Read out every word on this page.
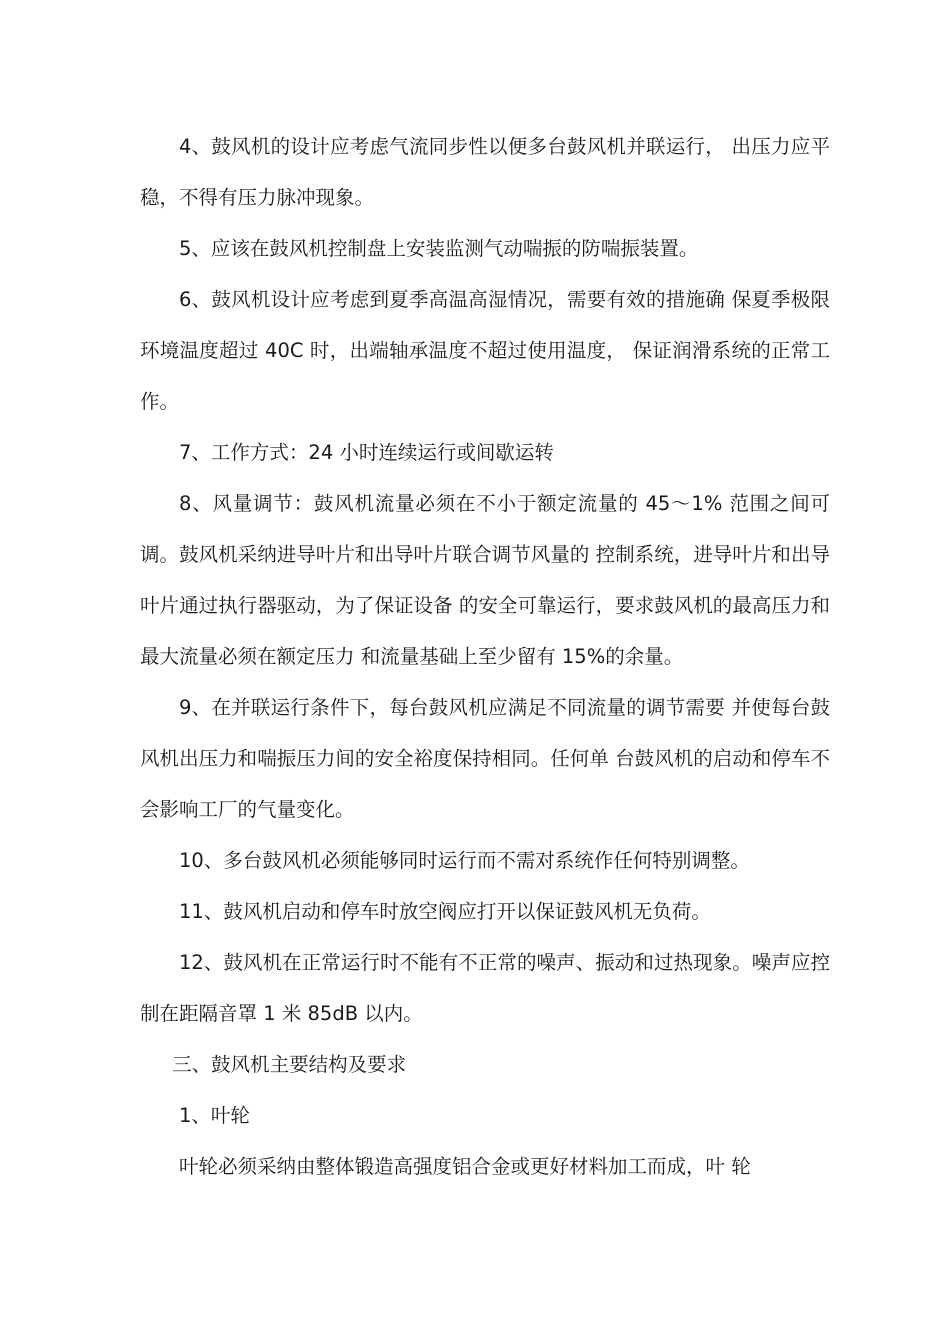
4、鼓风机的设计应考虑气流同步性以便多台鼓风机并联运行， 出压力应平稳，不得有压力脉冲现象。

5、应该在鼓风机控制盘上安装监测气动喘振的防喘振装置。

6、鼓风机设计应考虑到夏季高温高湿情况，需要有效的措施确 保夏季极限环境温度超过 40C 时，出端轴承温度不超过使用温度， 保证润滑系统的正常工作。

7、工作方式：24 小时连续运行或间歇运转

8、风量调节：鼓风机流量必须在不小于额定流量的 45〜1% 范围之间可调。鼓风机采纳进导叶片和出导叶片联合调节风量的 控制系统，进导叶片和出导叶片通过执行器驱动，为了保证设备 的安全可靠运行，要求鼓风机的最高压力和最大流量必须在额定压力 和流量基础上至少留有 15%的余量。

9、在并联运行条件下，每台鼓风机应满足不同流量的调节需要 并使每台鼓风机出压力和喘振压力间的安全裕度保持相同。任何单 台鼓风机的启动和停车不会影响工厂的气量变化。

10、多台鼓风机必须能够同时运行而不需对系统作任何特别调整。

11、鼓风机启动和停车时放空阀应打开以保证鼓风机无负荷。

12、鼓风机在正常运行时不能有不正常的噪声、振动和过热现象。噪声应控制在距隔音罩 1 米 85dB 以内。

三、鼓风机主要结构及要求

1、叶轮

叶轮必须采纳由整体锻造高强度铝合金或更好材料加工而成，叶 轮
